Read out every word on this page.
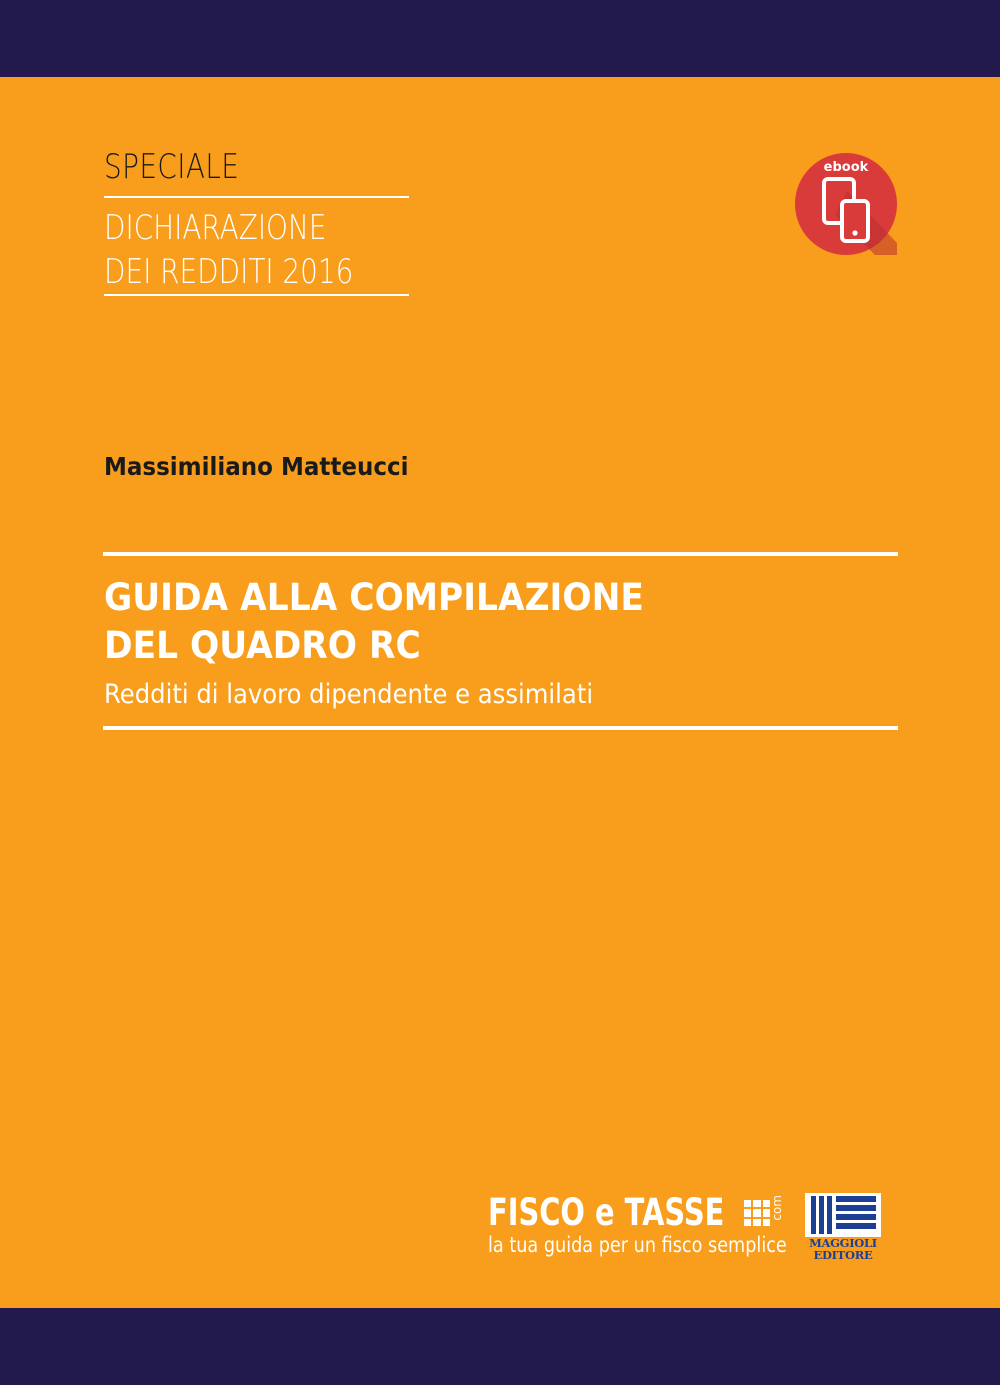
SPECIALE
DICHIARAZIONE
DEI REDDITI 2016
ebook
Massimiliano Matteucci
GUIDA ALLA COMPILAZIONE
DEL QUADRO RC
Redditi di lavoro dipendente e assimilati
FISCO e TASSE	com
la tua guida per un fisco semplice	MAGGIOLI
EDITORE
